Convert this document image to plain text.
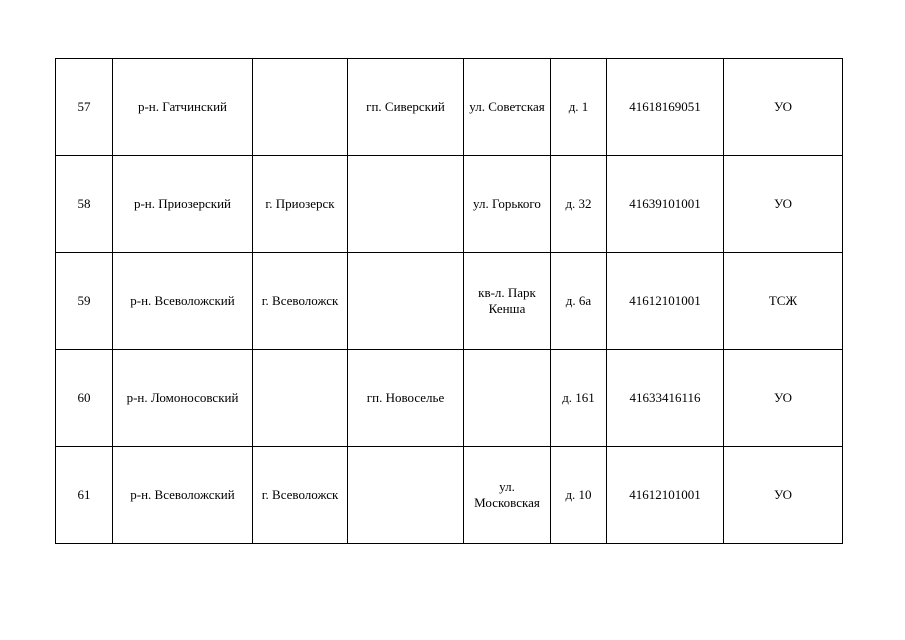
57	р-н. Гатчинский		гп. Сиверский	ул. Советская	д. 1	41618169051	УО
58	р-н. Приозерский	г. Приозерск		ул. Горького	д. 32	41639101001	УО
59	р-н. Всеволожский	г. Всеволожск		кв-л. Парк Кенша	д. 6а	41612101001	ТСЖ
60	р-н. Ломоносовский		гп. Новоселье		д. 161	41633416116	УО
61	р-н. Всеволожский	г. Всеволожск		ул. Московская	д. 10	41612101001	УО
